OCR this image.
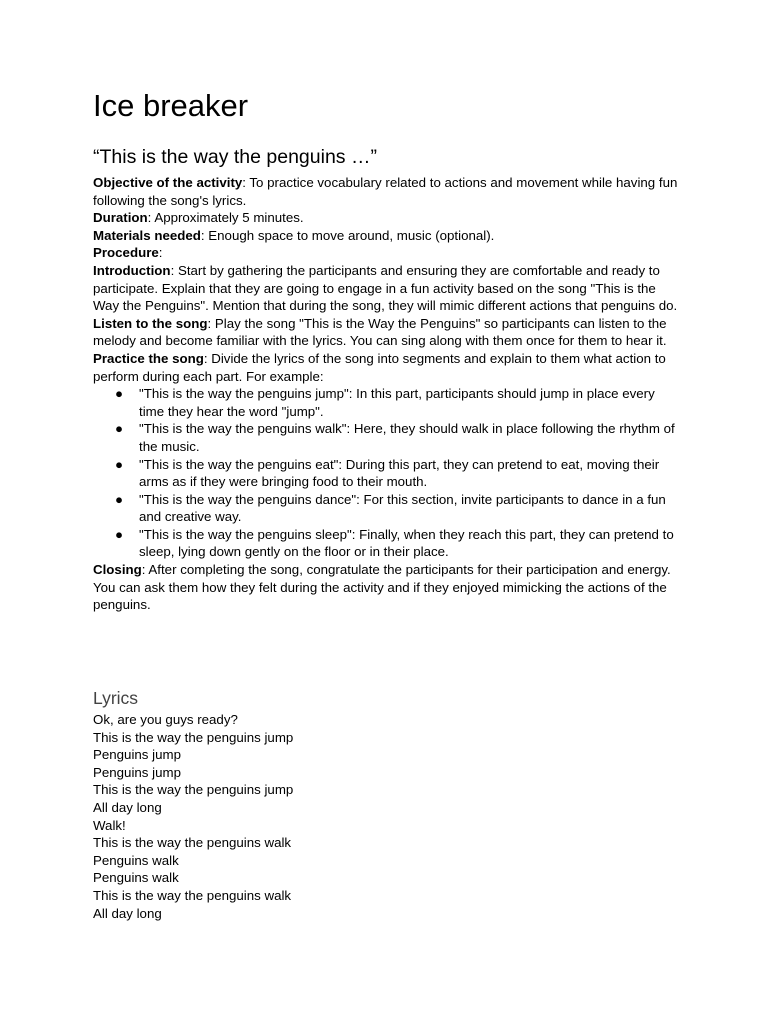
Ice breaker
“This is the way the penguins …”

Objective of the activity: To practice vocabulary related to actions and movement while having fun following the song's lyrics.

Duration: Approximately 5 minutes.

Materials needed: Enough space to move around, music (optional).

Procedure:

Introduction: Start by gathering the participants and ensuring they are comfortable and ready to participate. Explain that they are going to engage in a fun activity based on the song "This is the Way the Penguins". Mention that during the song, they will mimic different actions that penguins do.

Listen to the song: Play the song "This is the Way the Penguins" so participants can listen to the melody and become familiar with the lyrics. You can sing along with them once for them to hear it.

Practice the song: Divide the lyrics of the song into segments and explain to them what action to perform during each part. For example:

● "This is the way the penguins jump": In this part, participants should jump in place every time they hear the word "jump".
● "This is the way the penguins walk": Here, they should walk in place following the rhythm of the music.
● "This is the way the penguins eat": During this part, they can pretend to eat, moving their arms as if they were bringing food to their mouth.
● "This is the way the penguins dance": For this section, invite participants to dance in a fun and creative way.
● "This is the way the penguins sleep": Finally, when they reach this part, they can pretend to sleep, lying down gently on the floor or in their place.

Closing: After completing the song, congratulate the participants for their participation and energy. You can ask them how they felt during the activity and if they enjoyed mimicking the actions of the penguins.

Lyrics
Ok, are you guys ready?
This is the way the penguins jump
Penguins jump
Penguins jump
This is the way the penguins jump
All day long
Walk!
This is the way the penguins walk
Penguins walk
Penguins walk
This is the way the penguins walk
All day long
